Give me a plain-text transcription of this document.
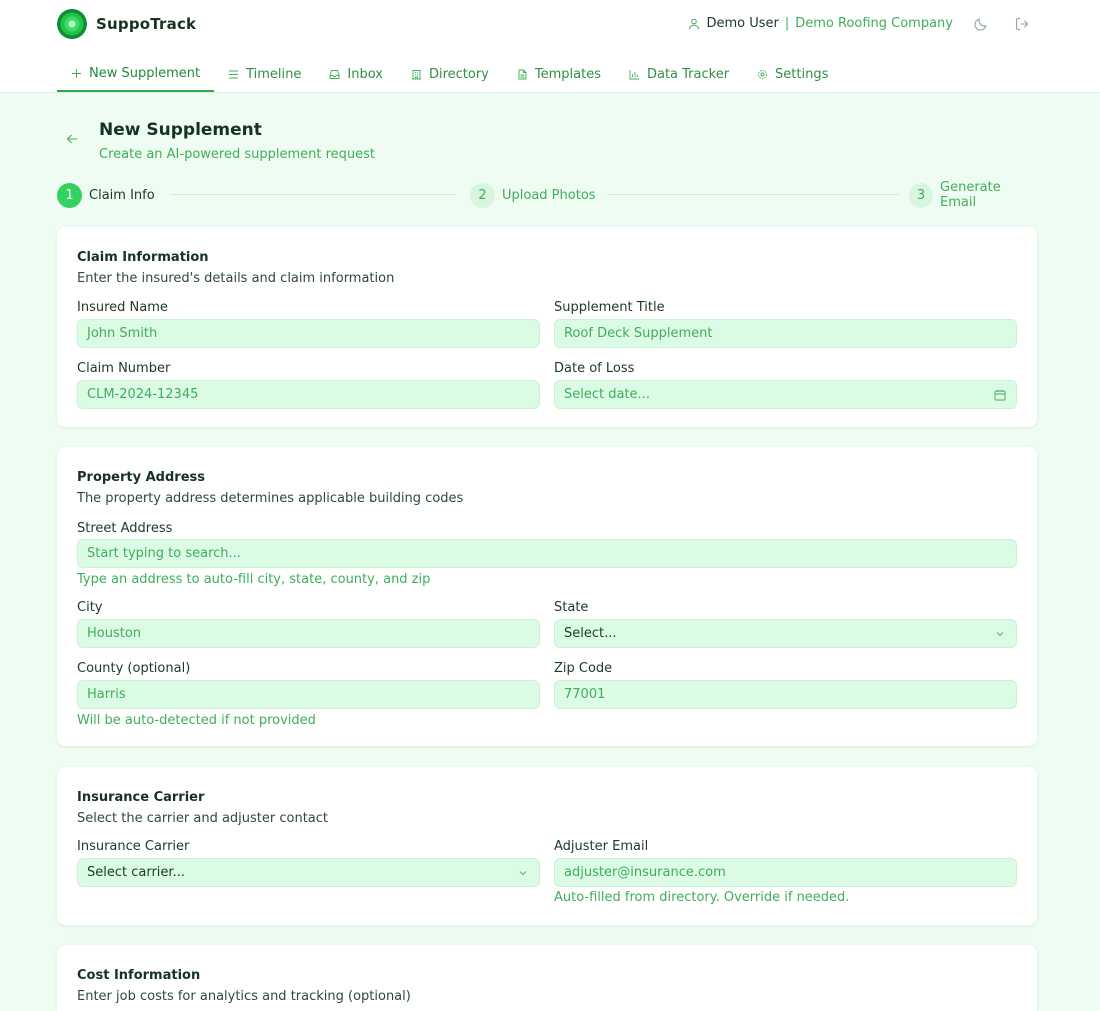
SuppoTrack	Demo User | Demo Roofing Company
New Supplement	Timeline	Inbox	Directory	Templates	Data Tracker	Settings
New Supplement
Create an AI-powered supplement request
1	Claim Info	2	Upload Photos	3	Generate Email
Claim Information
Enter the insured's details and claim information
Insured Name
John Smith
Supplement Title
Roof Deck Supplement
Claim Number
CLM-2024-12345
Date of Loss
Select date...
Property Address
The property address determines applicable building codes
Street Address
Start typing to search...
Type an address to auto-fill city, state, county, and zip
City
Houston
State
Select...
County (optional)
Harris
Will be auto-detected if not provided
Zip Code
77001
Insurance Carrier
Select the carrier and adjuster contact
Insurance Carrier
Select carrier...
Adjuster Email
adjuster@insurance.com
Auto-filled from directory. Override if needed.
Cost Information
Enter job costs for analytics and tracking (optional)
